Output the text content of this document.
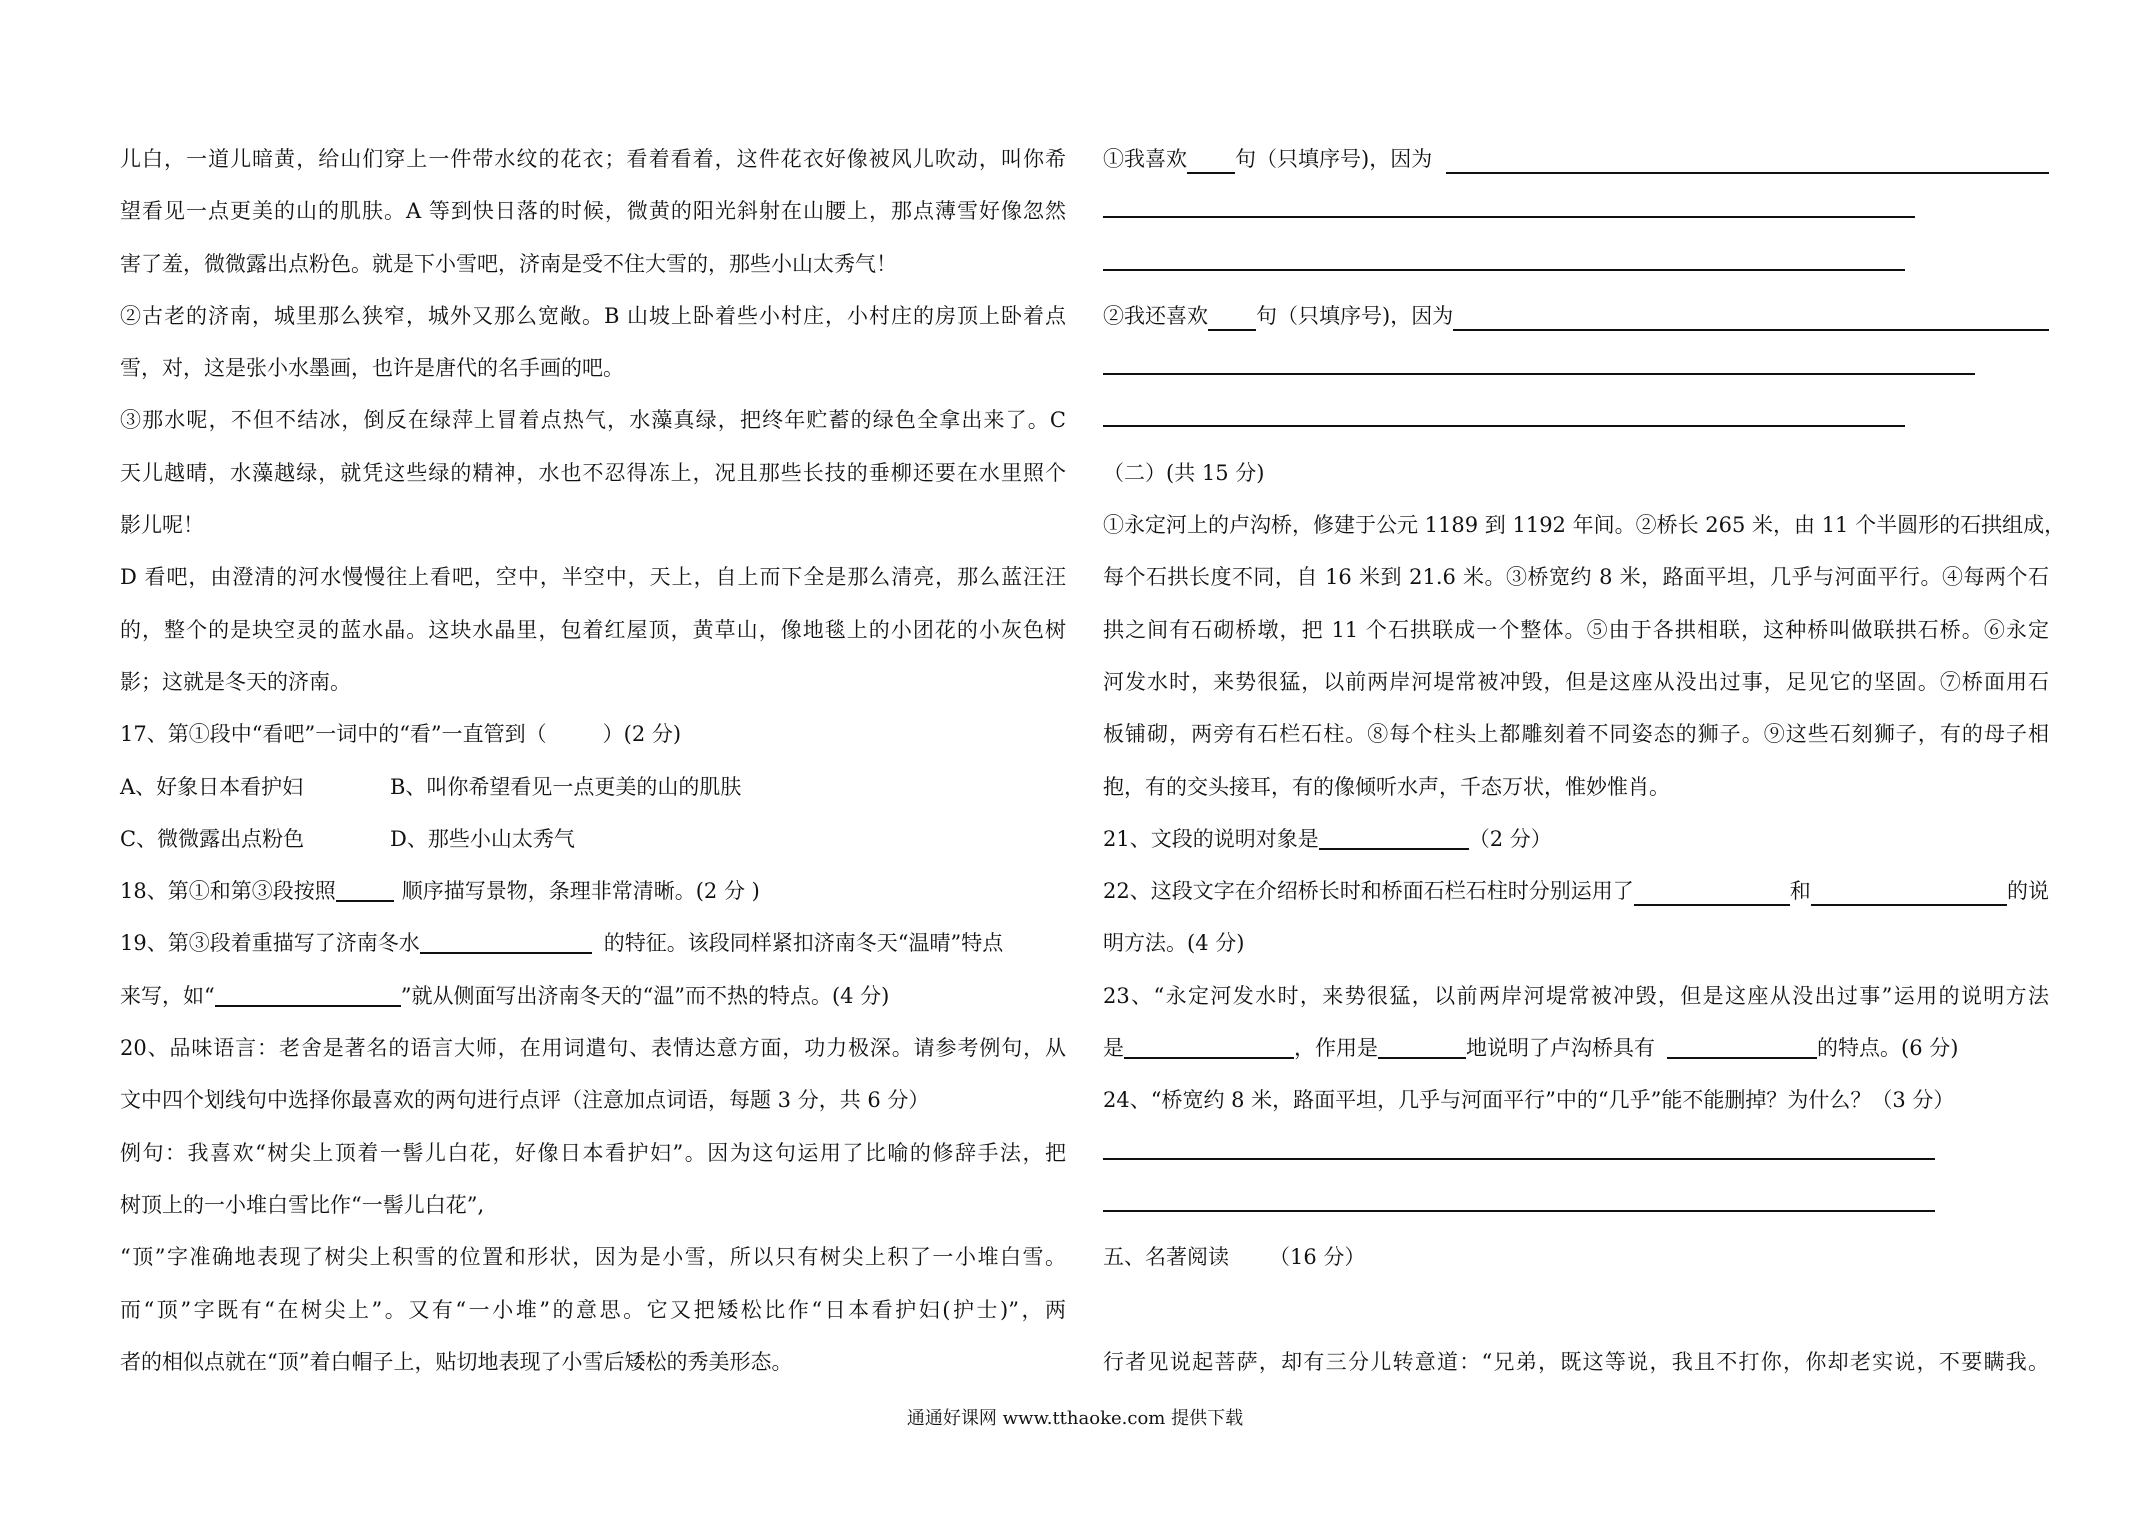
儿白，一道儿暗黄，给山们穿上一件带水纹的花衣；看着看着，这件花衣好像被风儿吹动，叫你希
望看见一点更美的山的肌肤。A 等到快日落的时候，微黄的阳光斜射在山腰上，那点薄雪好像忽然
害了羞，微微露出点粉色。就是下小雪吧，济南是受不住大雪的，那些小山太秀气！
②古老的济南，城里那么狭窄，城外又那么宽敞。B 山坡上卧着些小村庄，小村庄的房顶上卧着点
雪，对，这是张小水墨画，也许是唐代的名手画的吧。
③那水呢，不但不结冰，倒反在绿萍上冒着点热气，水藻真绿，把终年贮蓄的绿色全拿出来了。C
天儿越晴，水藻越绿，就凭这些绿的精神，水也不忍得冻上，况且那些长技的垂柳还要在水里照个
影儿呢！
D 看吧，由澄清的河水慢慢往上看吧，空中，半空中，天上，自上而下全是那么清亮，那么蓝汪汪
的，整个的是块空灵的蓝水晶。这块水晶里，包着红屋顶，黄草山，像地毯上的小团花的小灰色树
影；这就是冬天的济南。
17、第①段中“看吧”一词中的“看”一直管到（	）(2 分)
A、好象日本看护妇	B、叫你希望看见一点更美的山的肌肤
C、微微露出点粉色	D、那些小山太秀气
18、第①和第③段按照	顺序描写景物，条理非常清晰。(2 分 )
19、第③段着重描写了济南冬水	的特征。该段同样紧扣济南冬天“温晴”特点
来写，如“	”就从侧面写出济南冬天的“温”而不热的特点。(4 分)
20、品味语言：老舍是著名的语言大师，在用词遣句、表情达意方面，功力极深。请参考例句，从
文中四个划线句中选择你最喜欢的两句进行点评（注意加点词语，每题 3 分，共 6 分）
例句：我喜欢“树尖上顶着一髻儿白花，好像日本看护妇”。因为这句运用了比喻的修辞手法，把
树顶上的一小堆白雪比作“一髻儿白花”,
“顶”字准确地表现了树尖上积雪的位置和形状，因为是小雪，所以只有树尖上积了一小堆白雪。
而“顶”字既有“在树尖上”。又有“一小堆”的意思。它又把矮松比作“日本看护妇(护士)”，两
者的相似点就在“顶”着白帽子上，贴切地表现了小雪后矮松的秀美形态。
①我喜欢 句（只填序号)，因为
②我还喜欢 句（只填序号)，因为
（二）(共 15 分)
①永定河上的卢沟桥，修建于公元 1189 到 1192 年间。②桥长 265 米，由 11 个半圆形的石拱组成，
每个石拱长度不同，自 16 米到 21.6 米。③桥宽约 8 米，路面平坦，几乎与河面平行。④每两个石
拱之间有石砌桥墩，把 11 个石拱联成一个整体。⑤由于各拱相联，这种桥叫做联拱石桥。⑥永定
河发水时，来势很猛，以前两岸河堤常被冲毁，但是这座从没出过事，足见它的坚固。⑦桥面用石
板铺砌，两旁有石栏石柱。⑧每个柱头上都雕刻着不同姿态的狮子。⑨这些石刻狮子，有的母子相
抱，有的交头接耳，有的像倾听水声，千态万状，惟妙惟肖。
21、文段的说明对象是	（2 分）
22、这段文字在介绍桥长时和桥面石栏石柱时分别运用了	和	的说
明方法。(4 分)
23、“永定河发水时，来势很猛，以前两岸河堤常被冲毁，但是这座从没出过事”运用的说明方法
是	，作用是	地说明了卢沟桥具有	的特点。(6 分)
24、“桥宽约 8 米，路面平坦，几乎与河面平行”中的“几乎”能不能删掉？为什么？（3 分）
五、名著阅读 （16 分）
行者见说起菩萨，却有三分儿转意道：“兄弟，既这等说，我且不打你，你却老实说，不要瞒我。
通通好课网 www.tthaoke.com 提供下载
